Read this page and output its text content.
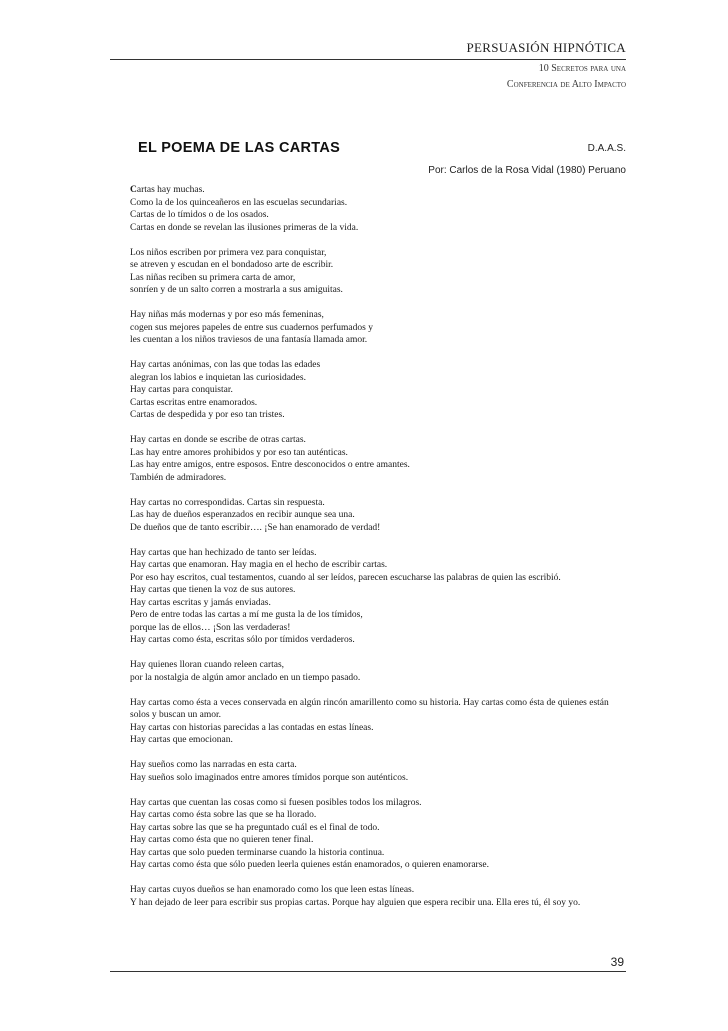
PERSUASIÓN HIPNÓTICA
10 Secretos para una
Conferencia de Alto Impacto
EL POEMA DE LAS CARTAS	D.A.A.S.
Por: Carlos de la Rosa Vidal (1980) Peruano
Cartas hay muchas.
Como la de los quinceañeros en las escuelas secundarias.
Cartas de lo tímidos o de los osados.
Cartas en donde se revelan las ilusiones primeras de la vida.
Los niños escriben por primera vez para conquistar,
se atreven y escudan en el bondadoso arte de escribir.
Las niñas reciben su primera carta de amor,
sonríen y de un salto corren a mostrarla a sus amiguitas.
Hay niñas más modernas y por eso más femeninas,
cogen sus mejores papeles de entre sus cuadernos perfumados y
les cuentan a los niños traviesos de una fantasía llamada amor.
Hay cartas anónimas, con las que todas las edades
alegran los labios e inquietan las curiosidades.
Hay cartas para conquistar.
Cartas escritas entre enamorados.
Cartas de despedida y por eso tan tristes.
Hay cartas en donde se escribe de otras cartas.
Las hay entre amores prohibidos y por eso tan auténticas.
Las hay entre amigos, entre esposos. Entre desconocidos o entre amantes.
También de admiradores.
Hay cartas no correspondidas. Cartas sin respuesta.
Las hay de dueños esperanzados en recibir aunque sea una.
De dueños que de tanto escribir…. ¡Se han enamorado de verdad!
Hay cartas que han hechizado de tanto ser leídas.
Hay cartas que enamoran. Hay magia en el hecho de escribir cartas.
Por eso hay escritos, cual testamentos, cuando al ser leídos, parecen escucharse las palabras de quien las escribió.
Hay cartas que tienen la voz de sus autores.
Hay cartas escritas y jamás enviadas.
Pero de entre todas las cartas a mí me gusta la de los tímidos,
porque las de ellos… ¡Son las verdaderas!
Hay cartas como ésta, escritas sólo por tímidos verdaderos.
Hay quienes lloran cuando releen cartas,
por la nostalgia de algún amor anclado en un tiempo pasado.
Hay cartas como ésta a veces conservada en algún rincón amarillento como su historia. Hay cartas como ésta de quienes están solos y buscan un amor.
Hay cartas con historias parecidas a las contadas en estas líneas.
Hay cartas que emocionan.
Hay sueños como las narradas en esta carta.
Hay sueños solo imaginados entre amores tímidos porque son auténticos.
Hay cartas que cuentan las cosas como si fuesen posibles todos los milagros.
Hay cartas como ésta sobre las que se ha llorado.
Hay cartas sobre las que se ha preguntado cuál es el final de todo.
Hay cartas como ésta que no quieren tener final.
Hay cartas que solo pueden terminarse cuando la historia continua.
Hay cartas como ésta que sólo pueden leerla quienes están enamorados, o quieren enamorarse.
Hay cartas cuyos dueños se han enamorado como los que leen estas líneas.
Y han dejado de leer para escribir sus propias cartas. Porque hay alguien que espera recibir una. Ella eres tú, él soy yo.
39
